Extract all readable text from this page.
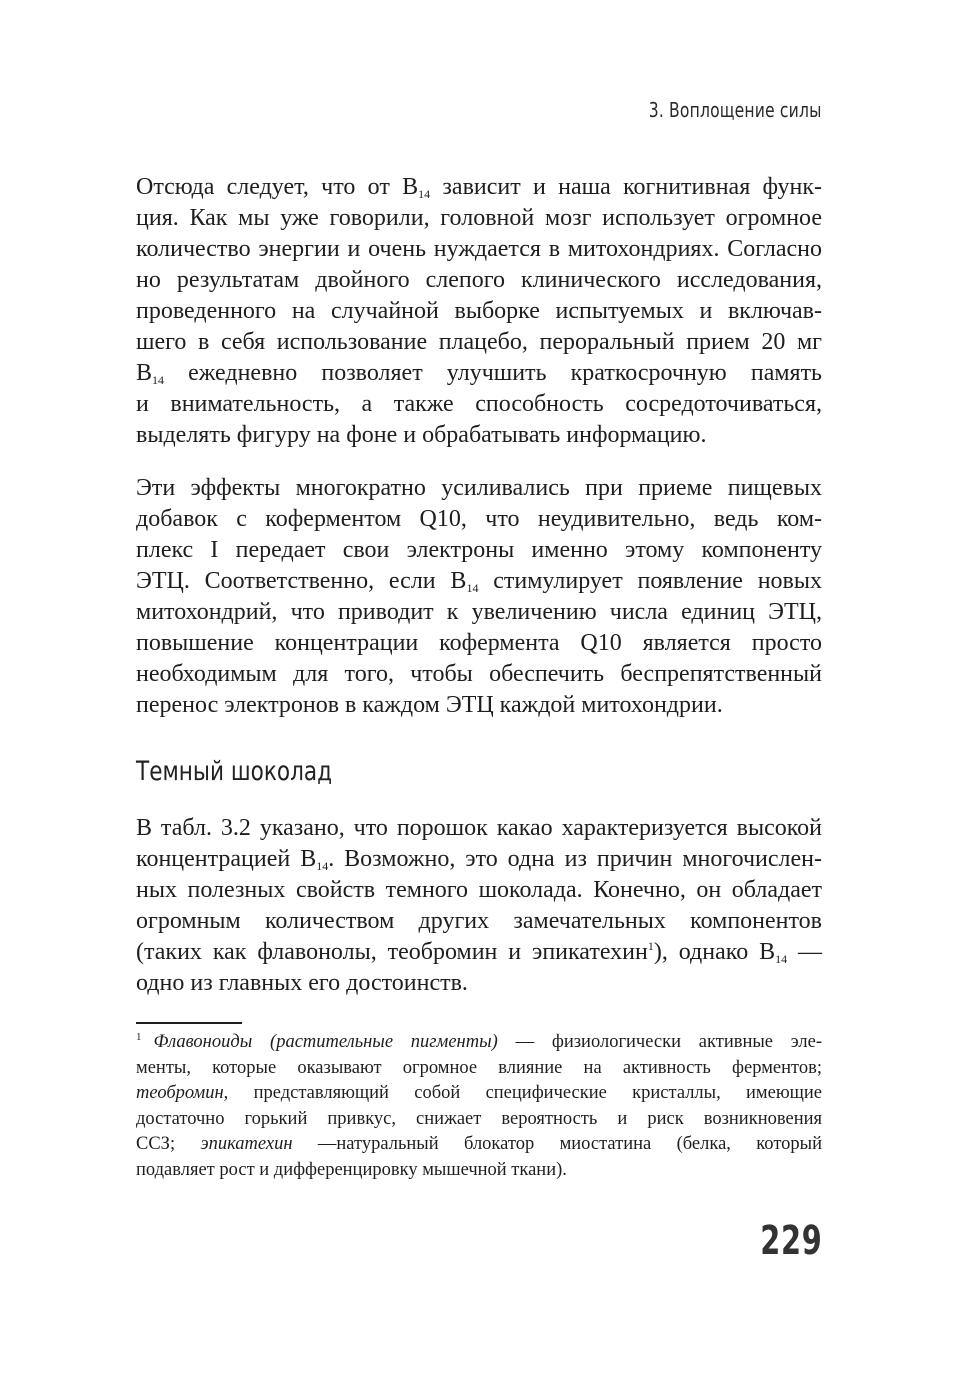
3. Воплощение силы
Отсюда следует, что от $B_{14}$ зависит и наша когнитивная функ-
ция. Как мы уже говорили, головной мозг использует огромное
количество энергии и очень нуждается в митохондриях. Согласно
но результатам двойного слепого клинического исследования,
проведенного на случайной выборке испытуемых и включав-
шего в себя использование плацебо, пероральный прием 20 мг
$B_{14}$ ежедневно позволяет улучшить краткосрочную память
и внимательность, а также способность сосредоточиваться,
выделять фигуру на фоне и обрабатывать информацию.
Эти эффекты многократно усиливались при приеме пищевых
добавок с коферментом Q10, что неудивительно, ведь ком-
плекс I передает свои электроны именно этому компоненту
ЭТЦ. Соответственно, если $B_{14}$ стимулирует появление новых
митохондрий, что приводит к увеличению числа единиц ЭТЦ,
повышение концентрации кофермента Q10 является просто
необходимым для того, чтобы обеспечить беспрепятственный
перенос электронов в каждом ЭТЦ каждой митохондрии.
Темный шоколад
В табл. 3.2 указано, что порошок какао характеризуется высокой
концентрацией $B_{14}$. Возможно, это одна из причин многочислен-
ных полезных свойств темного шоколада. Конечно, он обладает
огромным количеством других замечательных компонентов
(таких как флавонолы, теобромин и эпикатехин$^1$), однако $B_{14}$ —
одно из главных его достоинств.
$^1$ Флавоноиды (растительные пигменты) — физиологически активные эле-
менты, которые оказывают огромное влияние на активность ферментов;
теобромин, представляющий собой специфические кристаллы, имеющие
достаточно горький привкус, снижает вероятность и риск возникновения
ССЗ; эпикатехин —натуральный блокатор миостатина (белка, который
подавляет рост и дифференцировку мышечной ткани).
229
